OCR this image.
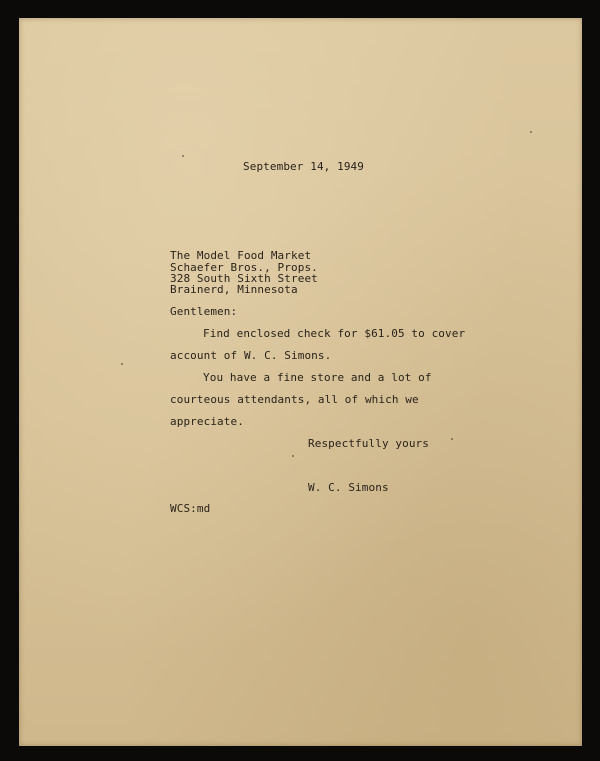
September 14, 1949
The Model Food Market
Schaefer Bros., Props.
328 South Sixth Street
Brainerd, Minnesota
Gentlemen:
Find enclosed check for $61.05 to cover
account of W. C. Simons.
You have a fine store and a lot of
courteous attendants, all of which we
appreciate.
Respectfully yours
W. C. Simons
WCS:md
